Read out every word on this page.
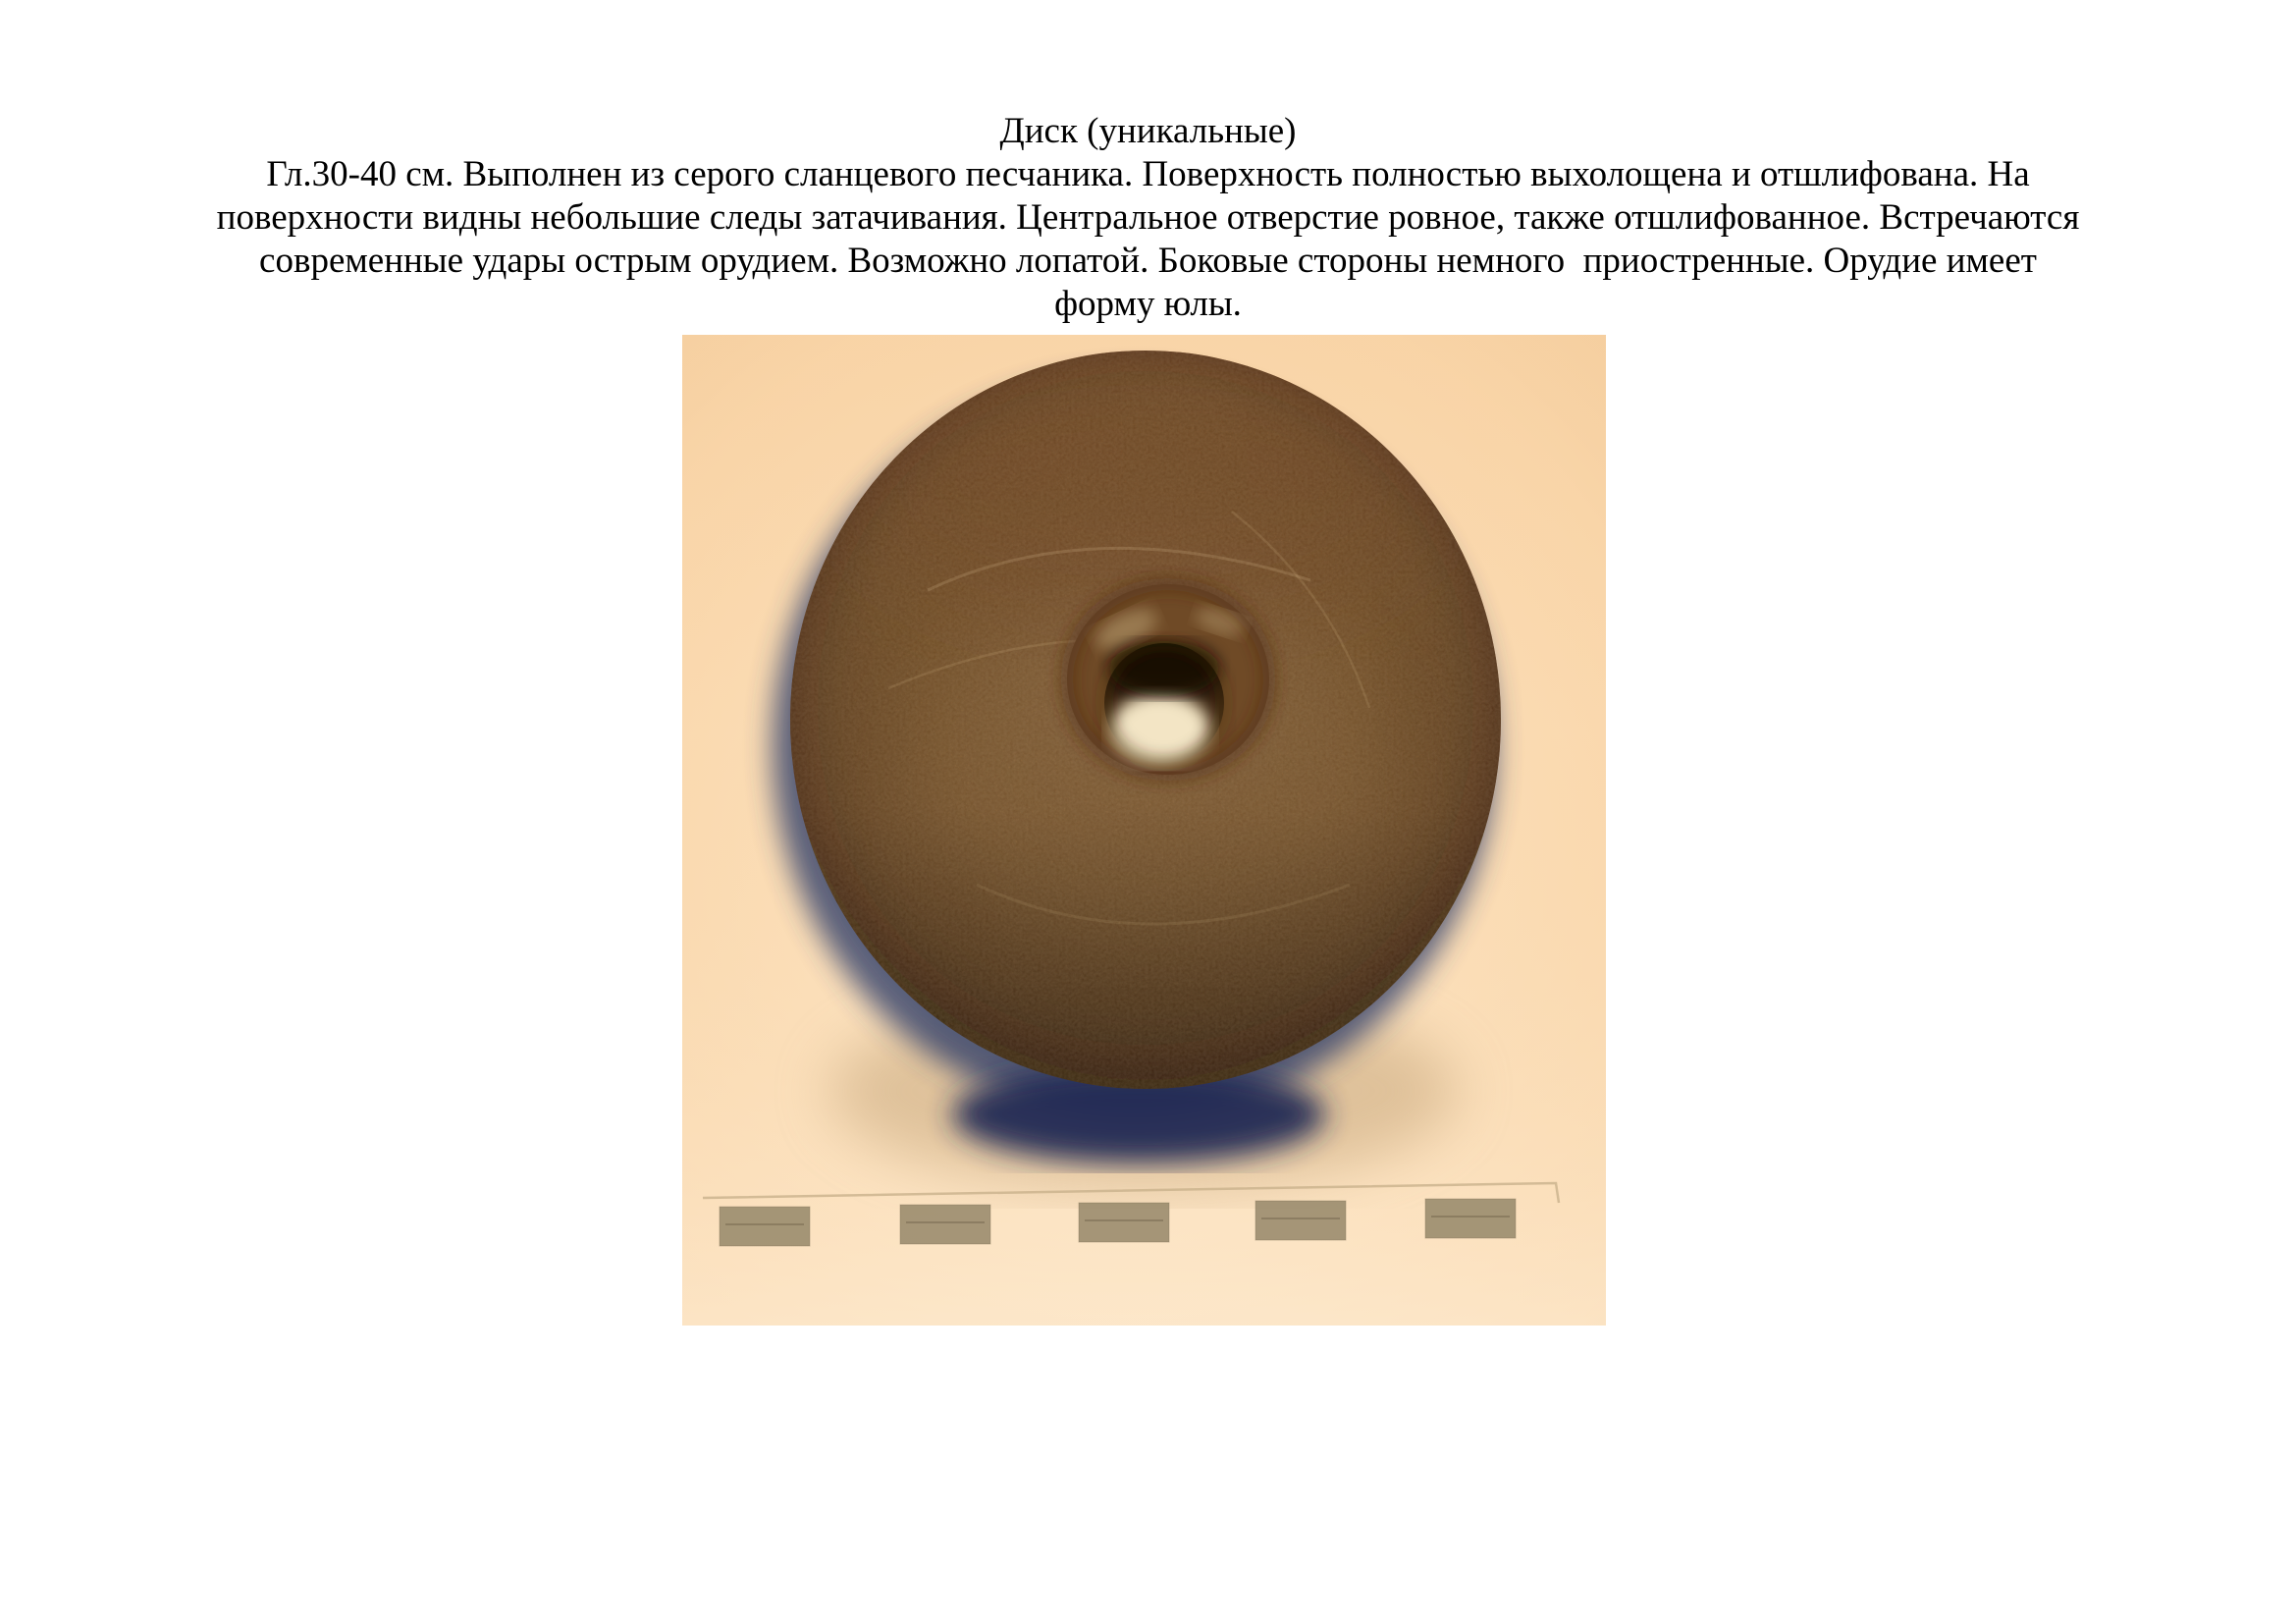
Диск (уникальные)
Гл.30-40 см. Выполнен из серого сланцевого песчаника. Поверхность полностью выхолощена и отшлифована. На
поверхности видны небольшие следы затачивания. Центральное отверстие ровное, также отшлифованное. Встречаются
современные удары острым орудием. Возможно лопатой. Боковые стороны немного  приостренные. Орудие имеет
форму юлы.
